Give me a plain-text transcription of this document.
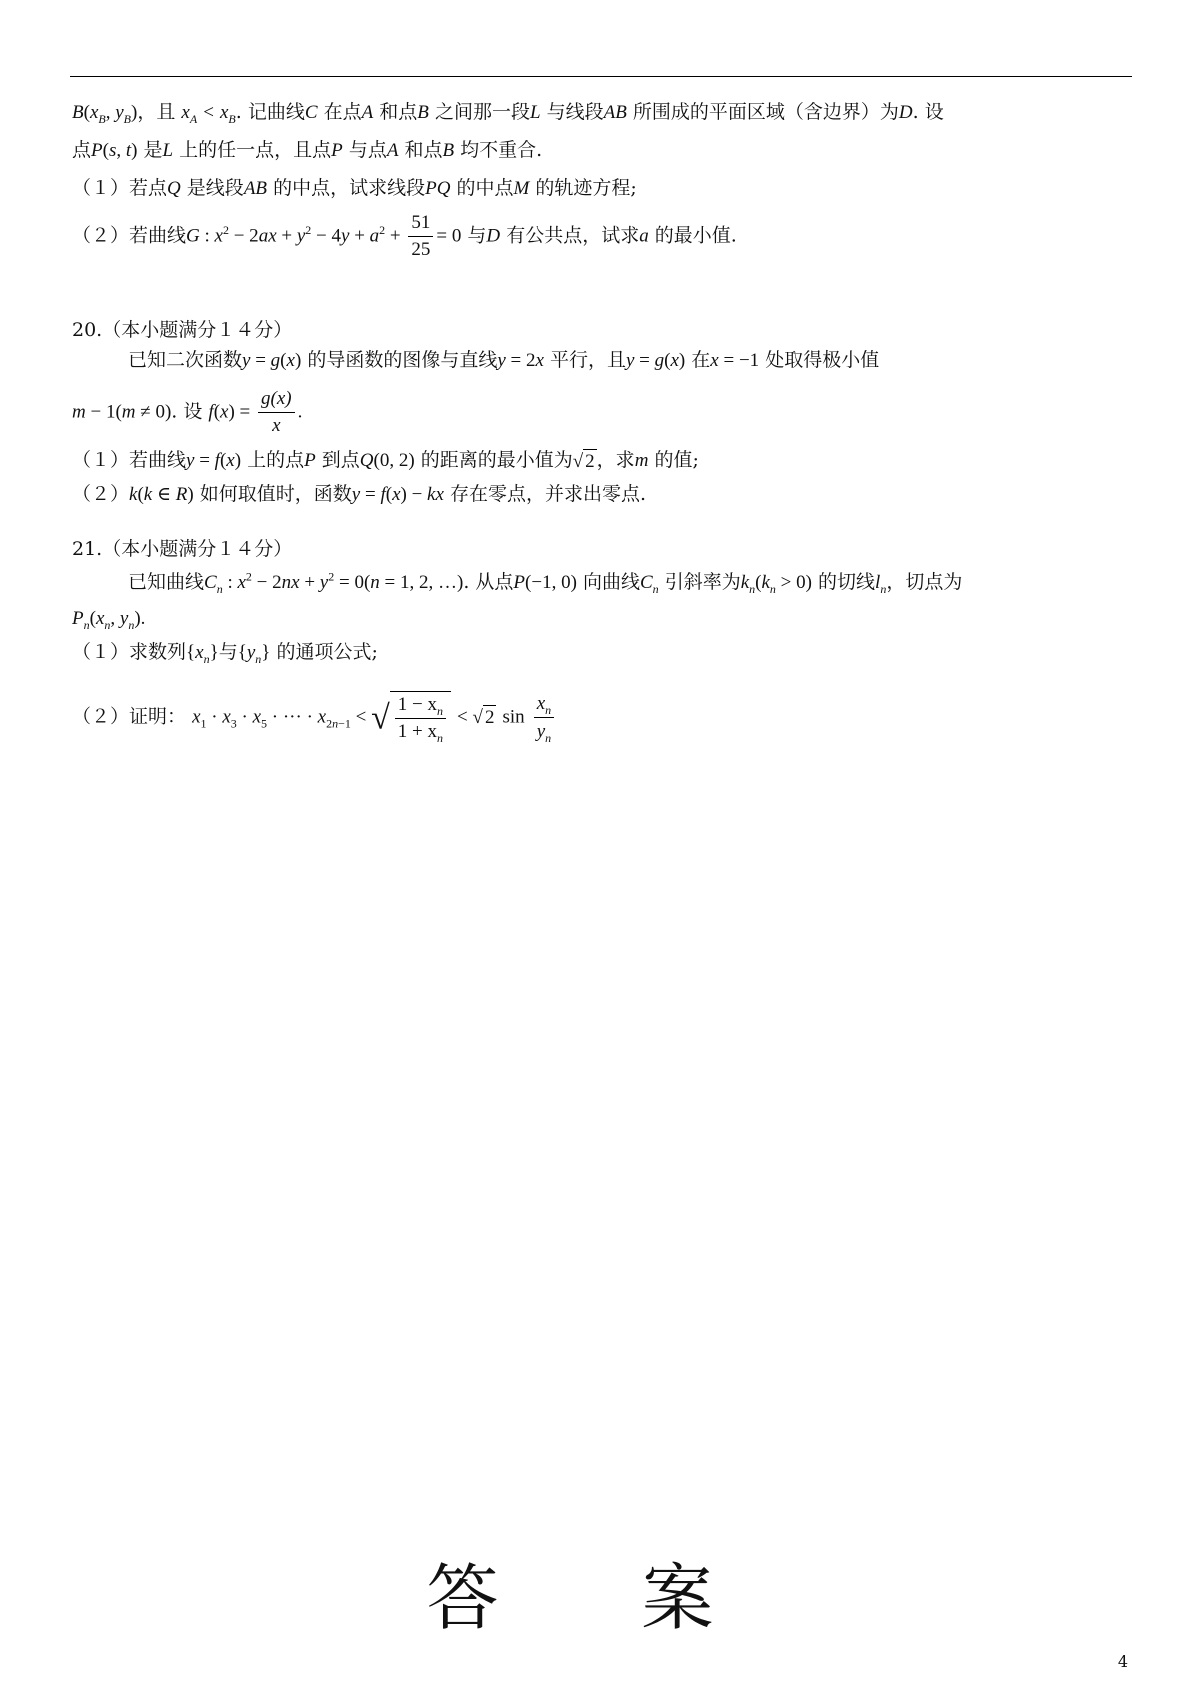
$B(x_B$, $y_B$)，且 $x_A < x_B$. 记曲线C 在点A 和点B 之间那一段L 与线段AB 所围成的平面区域（含边界）为D. 设
点P(s, t) 是L 上的任一点，且点P 与点A 和点B 均不重合.
（１）若点Q 是线段AB 的中点，试求线段PQ 的中点M 的轨迹方程;
（２）若曲线G : $x^2 - 2ax + y^2 - 4y + a^2 + \frac{51}{25} = 0$ 与D 有公共点，试求a 的最小值.
20.（本小题满分１４分）
已知二次函数y = g(x) 的导函数的图像与直线y = 2x 平行，且y = g(x) 在x = −1 处取得极小值
m − 1(m ≠ 0). 设 $f(x) = \frac{g(x)}{x}$ .
（１）若曲线y = f(x) 上的点P 到点Q(0, 2) 的距离的最小值为√ 2 ，求m 的值;
（２）k(k ∈ R) 如何取值时，函数y = f(x) − kx 存在零点，并求出零点.
21.（本小题满分１４分）
已知曲线$C_n$ : $x^2 - 2nx + y^2 = 0(n = 1$, 2, …). 从点P(−1, 0) 向曲线$C_n$ 引斜率为$k_n(k_n > 0)$ 的切线$l_n$，切点为
$P_n(x_n$, $y_n$).
（１）求数列$\{x_n\}$与$\{y_n\}$ 的通项公式;
（２）证明： $x_1 \cdot x_3 \cdot x_5$ · ··· · $x_{2n-1}$ < √ $\frac{1 - x_n}{1 + x_n}$ < √ 2 $\sin \frac{x_n}{y_n}$
答 案
4
